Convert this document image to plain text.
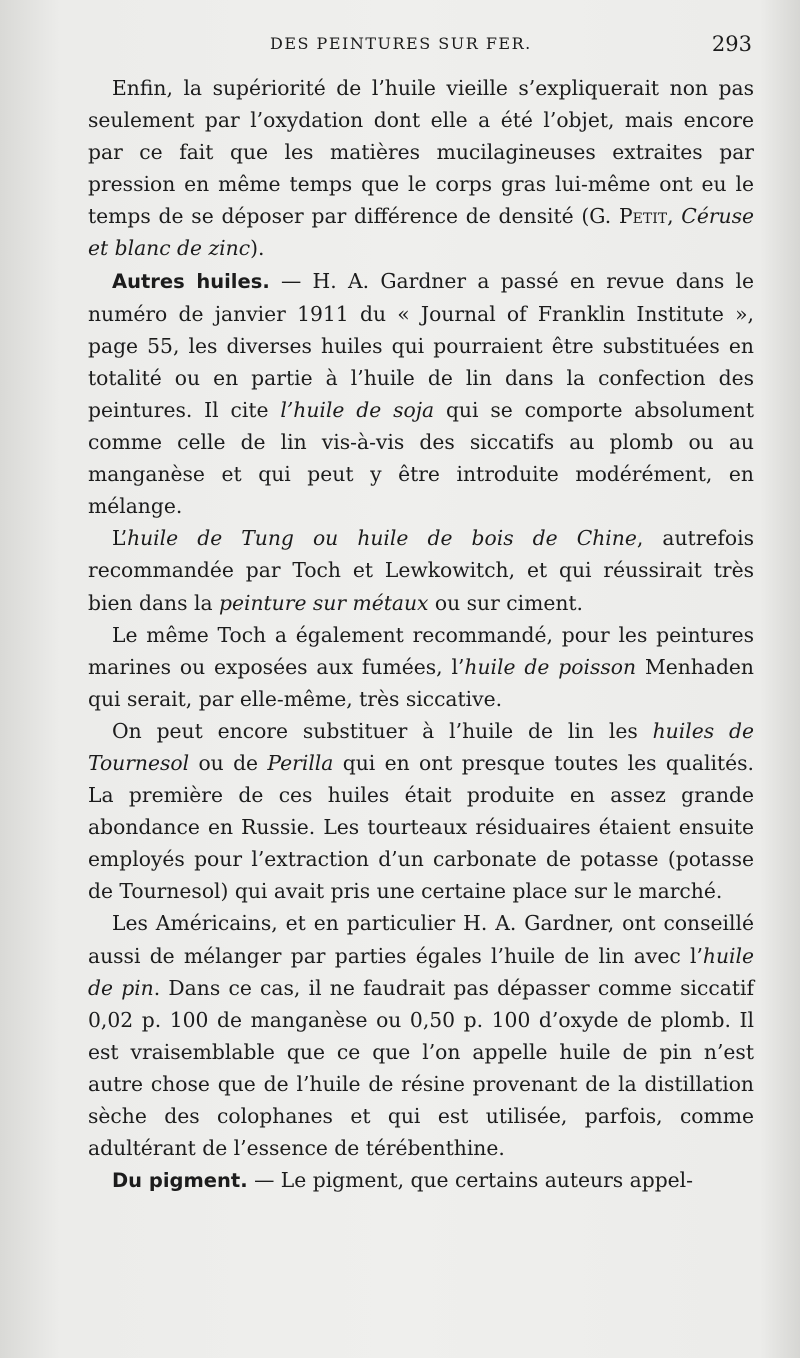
DES PEINTURES SUR FER.	293

Enfin, la supériorité de l’huile vieille s’expliquerait non pas seulement par l’oxydation dont elle a été l’objet, mais encore par ce fait que les matières mucilagineuses extraites par pression en même temps que le corps gras lui-même ont eu le temps de se déposer par différence de densité (G. Petit, Céruse et blanc de zinc).

Autres huiles. — H. A. Gardner a passé en revue dans le numéro de janvier 1911 du « Journal of Franklin Institute », page 55, les diverses huiles qui pourraient être substituées en totalité ou en partie à l’huile de lin dans la confection des peintures. Il cite l’huile de soja qui se comporte absolument comme celle de lin vis-à-vis des siccatifs au plomb ou au manganèse et qui peut y être introduite modérément, en mélange.

L’huile de Tung ou huile de bois de Chine, autrefois recommandée par Toch et Lewkowitch, et qui réussirait très bien dans la peinture sur métaux ou sur ciment.

Le même Toch a également recommandé, pour les peintures marines ou exposées aux fumées, l’huile de poisson Menhaden qui serait, par elle-même, très siccative.

On peut encore substituer à l’huile de lin les huiles de Tournesol ou de Perilla qui en ont presque toutes les qualités. La première de ces huiles était produite en assez grande abondance en Russie. Les tourteaux résiduaires étaient ensuite employés pour l’extraction d’un carbonate de potasse (potasse de Tournesol) qui avait pris une certaine place sur le marché.

Les Américains, et en particulier H. A. Gardner, ont conseillé aussi de mélanger par parties égales l’huile de lin avec l’huile de pin. Dans ce cas, il ne faudrait pas dépasser comme siccatif 0,02 p. 100 de manganèse ou 0,50 p. 100 d’oxyde de plomb. Il est vraisemblable que ce que l’on appelle huile de pin n’est autre chose que de l’huile de résine provenant de la distillation sèche des colophanes et qui est utilisée, parfois, comme adultérant de l’essence de térébenthine.

Du pigment. — Le pigment, que certains auteurs appel-
